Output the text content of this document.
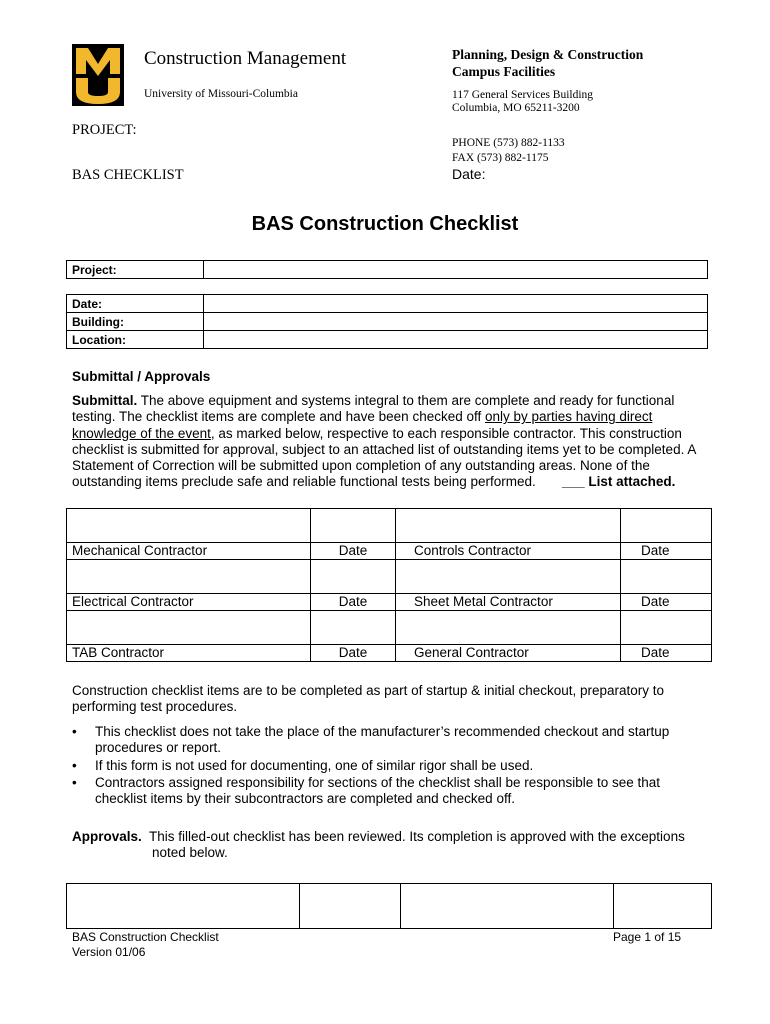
Construction Management
University of Missouri-Columbia
Planning, Design & Construction
Campus Facilities
117 General Services Building
Columbia, MO 65211-3200
PHONE (573) 882-1133
FAX (573) 882-1175
Date:
PROJECT:
BAS CHECKLIST
BAS Construction Checklist
Project:	
Date:	
Building:	
Location:	
Submittal / Approvals
Submittal. The above equipment and systems integral to them are complete and ready for functional testing. The checklist items are complete and have been checked off only by parties having direct knowledge of the event, as marked below, respective to each responsible contractor. This construction checklist is submitted for approval, subject to an attached list of outstanding items yet to be completed. A Statement of Correction will be submitted upon completion of any outstanding areas. None of the outstanding items preclude safe and reliable functional tests being performed. ___ List attached.

Mechanical Contractor	Date	Controls Contractor	Date

Electrical Contractor	Date	Sheet Metal Contractor	Date

TAB Contractor	Date	General Contractor	Date
Construction checklist items are to be completed as part of startup & initial checkout, preparatory to performing test procedures.
• This checklist does not take the place of the manufacturer’s recommended checkout and startup procedures or report.
• If this form is not used for documenting, one of similar rigor shall be used.
• Contractors assigned responsibility for sections of the checklist shall be responsible to see that checklist items by their subcontractors are completed and checked off.
Approvals. This filled-out checklist has been reviewed. Its completion is approved with the exceptions
noted below.

BAS Construction Checklist
Version 01/06
Page 1 of 15
